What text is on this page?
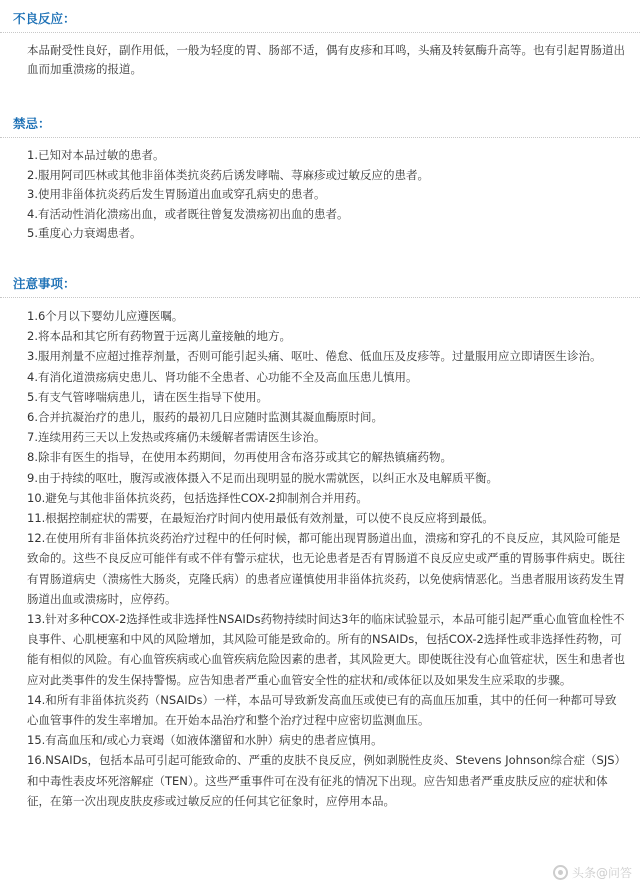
不良反应：

本品耐受性良好，副作用低，一般为轻度的胃、肠部不适，偶有皮疹和耳鸣，头痛及转氨酶升高等。也有引起胃肠道出血而加重溃疡的报道。

禁忌：
1.已知对本品过敏的患者。
2.服用阿司匹林或其他非甾体类抗炎药后诱发哮喘、荨麻疹或过敏反应的患者。
3.使用非甾体抗炎药后发生胃肠道出血或穿孔病史的患者。
4.有活动性消化溃疡出血，或者既往曾复发溃疡初出血的患者。
5.重度心力衰竭患者。
注意事项：
1.6个月以下婴幼儿应遵医嘱。
2.将本品和其它所有药物置于远离儿童接触的地方。
3.服用剂量不应超过推荐剂量，否则可能引起头痛、呕吐、倦怠、低血压及皮疹等。过量服用应立即请医生诊治。
4.有消化道溃疡病史患儿、肾功能不全患者、心功能不全及高血压患儿慎用。
5.有支气管哮喘病患儿，请在医生指导下使用。
6.合并抗凝治疗的患儿，服药的最初几日应随时监测其凝血酶原时间。
7.连续用药三天以上发热或疼痛仍未缓解者需请医生诊治。
8.除非有医生的指导，在使用本药期间，勿再使用含布洛芬或其它的解热镇痛药物。
9.由于持续的呕吐，腹泻或液体摄入不足而出现明显的脱水需就医，以纠正水及电解质平衡。
10.避免与其他非甾体抗炎药，包括选择性COX-2抑制剂合并用药。
11.根据控制症状的需要，在最短治疗时间内使用最低有效剂量，可以使不良反应将到最低。
12.在使用所有非甾体抗炎药治疗过程中的任何时候，都可能出现胃肠道出血，溃疡和穿孔的不良反应，其风险可能是致命的。这些不良反应可能伴有或不伴有警示症状，也无论患者是否有胃肠道不良反应史或严重的胃肠事件病史。既往有胃肠道病史（溃疡性大肠炎，克隆氏病）的患者应谨慎使用非甾体抗炎药，以免使病情恶化。当患者服用该药发生胃肠道出血或溃疡时，应停药。
13.针对多种COX-2选择性或非选择性NSAIDs药物持续时间达3年的临床试验显示，本品可能引起严重心血管血栓性不良事件、心肌梗塞和中风的风险增加，其风险可能是致命的。所有的NSAIDs，包括COX-2选择性或非选择性药物，可能有相似的风险。有心血管疾病或心血管疾病危险因素的患者，其风险更大。即使既往没有心血管症状，医生和患者也应对此类事件的发生保持警惕。应告知患者严重心血管安全性的症状和/或体征以及如果发生应采取的步骤。
14.和所有非甾体抗炎药（NSAIDs）一样，本品可导致新发高血压或使已有的高血压加重，其中的任何一种都可导致心血管事件的发生率增加。在开始本品治疗和整个治疗过程中应密切监测血压。
15.有高血压和/或心力衰竭（如液体潴留和水肿）病史的患者应慎用。
16.NSAIDs，包括本品可引起可能致命的、严重的皮肤不良反应，例如剥脱性皮炎、Stevens Johnson综合症（SJS）和中毒性表皮坏死溶解症（TEN）。这些严重事件可在没有征兆的情况下出现。应告知患者严重皮肤反应的症状和体征，在第一次出现皮肤皮疹或过敏反应的任何其它征象时，应停用本品。
头条@问答
